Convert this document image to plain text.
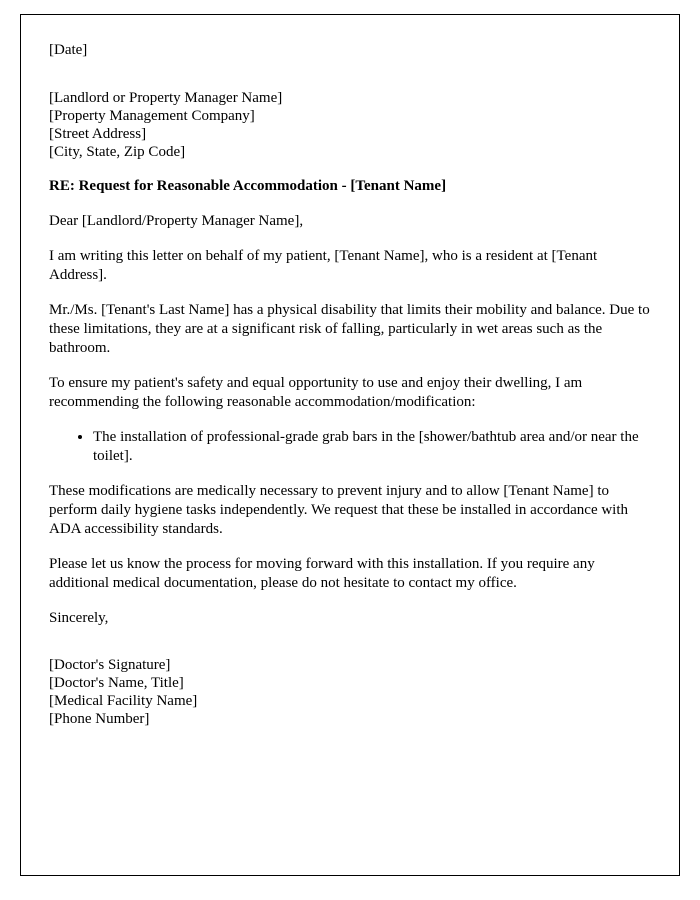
[Date]

[Landlord or Property Manager Name]

[Property Management Company]

[Street Address]

[City, State, Zip Code]

RE: Request for Reasonable Accommodation - [Tenant Name]

Dear [Landlord/Property Manager Name],

I am writing this letter on behalf of my patient, [Tenant Name], who is a resident at [Tenant Address].

Mr./Ms. [Tenant's Last Name] has a physical disability that limits their mobility and balance. Due to these limitations, they are at a significant risk of falling, particularly in wet areas such as the bathroom.

To ensure my patient's safety and equal opportunity to use and enjoy their dwelling, I am recommending the following reasonable accommodation/modification:

• The installation of professional-grade grab bars in the [shower/bathtub area and/or near the toilet].

These modifications are medically necessary to prevent injury and to allow [Tenant Name] to perform daily hygiene tasks independently. We request that these be installed in accordance with ADA accessibility standards.

Please let us know the process for moving forward with this installation. If you require any additional medical documentation, please do not hesitate to contact my office.

Sincerely,

[Doctor's Signature]

[Doctor's Name, Title]

[Medical Facility Name]

[Phone Number]
